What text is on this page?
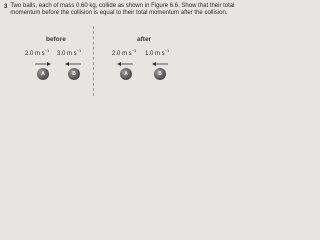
3 Two balls, each of mass 0.60 kg, collide as shown in Figure 6.6. Show that their total
momentum before the collision is equal to their total momentum after the collision.
before	after
2.0 m $s^{-1}$
3.0 m $s^{-1}$
2.0 m $s^{-1}$
1.0 m $s^{-1}$
A	B	A	B
